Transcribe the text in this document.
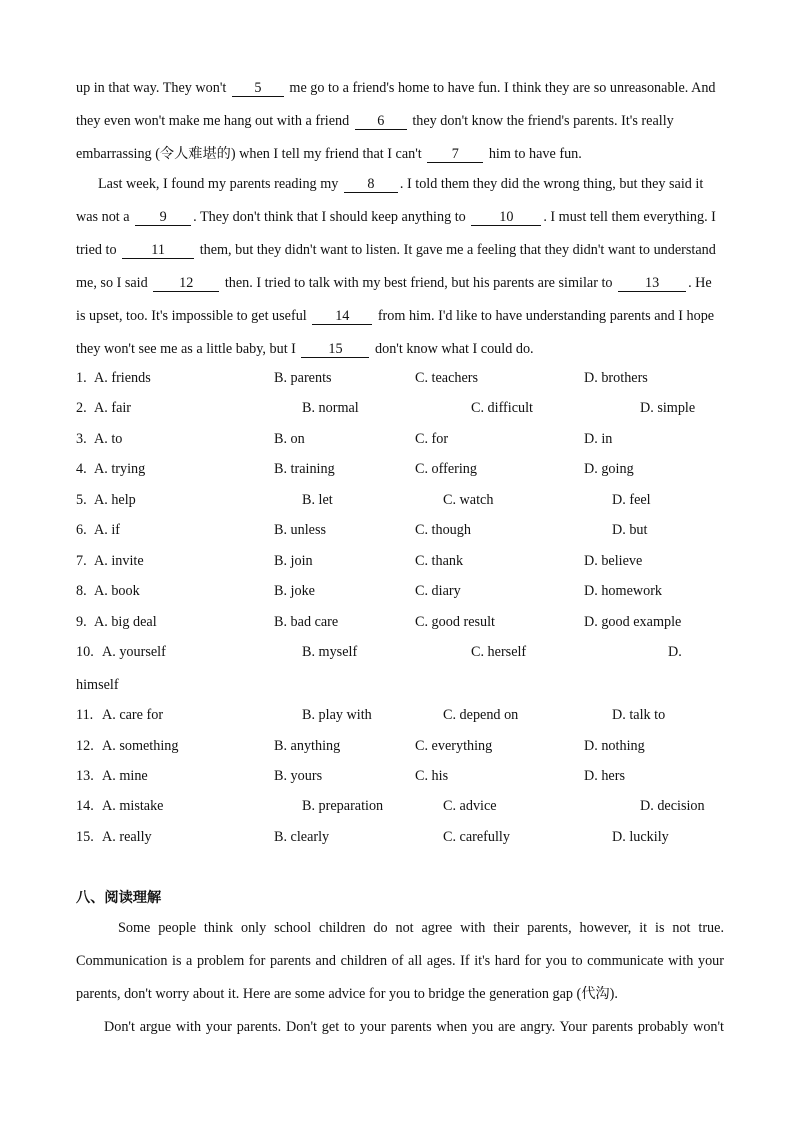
up in that way. They won't 5 me go to a friend's home to have fun. I think they are so unreasonable. And

they even won't make me hang out with a friend 6 they don't know the friend's parents. It's really

embarrassing (令人难堪的) when I tell my friend that I can't 7 him to have fun.

Last week, I found my parents reading my 8 . I told them they did the wrong thing, but they said it

was not a 9 . They don't think that I should keep anything to 10 . I must tell them everything. I

tried to 11 them, but they didn't want to listen. It gave me a feeling that they didn't want to understand

me, so I said 12 then. I tried to talk with my best friend, but his parents are similar to 13 . He

is upset, too. It's impossible to get useful 14 from him. I'd like to have understanding parents and I hope

they won't see me as a little baby, but I 15 don't know what I could do.

1. A. friends	B. parents	C. teachers	D. brothers
2. A. fair	B. normal	C. difficult	D. simple
3. A. to	B. on	C. for	D. in
4. A. trying	B. training	C. offering	D. going
5. A. help	B. let	C. watch	D. feel
6. A. if	B. unless	C. though	D. but
7. A. invite	B. join	C. thank	D. believe
8. A. book	B. joke	C. diary	D. homework
9. A. big deal	B. bad care	C. good result	D. good example
10. A. yourself	B. myself	C. herself	D.
himself
11. A. care for	B. play with	C. depend on	D. talk to
12. A. something	B. anything	C. everything	D. nothing
13. A. mine	B. yours	C. his	D. hers
14. A. mistake	B. preparation	C. advice	D. decision
15. A. really	B. clearly	C. carefully	D. luckily
八、阅读理解

Some people think only school children do not agree with their parents, however, it is not true.

Communication is a problem for parents and children of all ages. If it's hard for you to communicate with your

parents, don't worry about it. Here are some advice for you to bridge the generation gap (代沟).

Don't argue with your parents. Don't get to your parents when you are angry. Your parents probably won't
